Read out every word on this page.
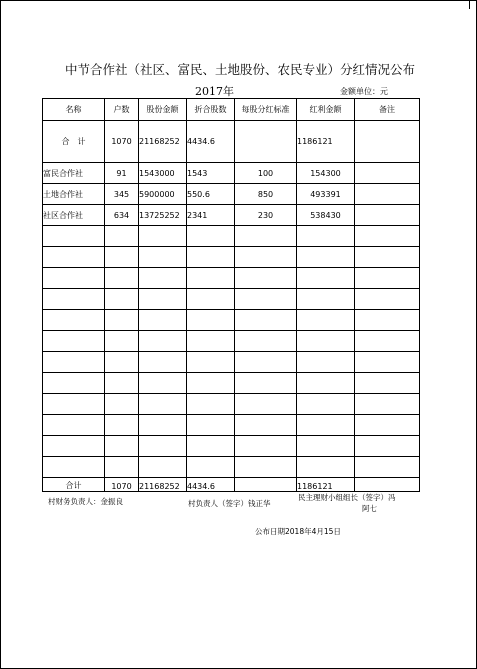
中节合作社（社区、富民、土地股份、农民专业）分红情况公布
2017年	金额单位：元
名称	户数	股份金额	折合股数	每股分红标准	红利金额	备注
合　计	1070	21168252	4434.6		1186121	
富民合作社	91	1543000	1543	100	154300	
土地合作社	345	5900000	550.6	850	493391	
社区合作社	634	13725252	2341	230	538430	

合计	1070	21168252	4434.6		1186121	
村财务负责人：金振良	村负责人（签字）钱正华
民主理财小组组长（签字）冯
阿七
公布日期2018年4月15日
